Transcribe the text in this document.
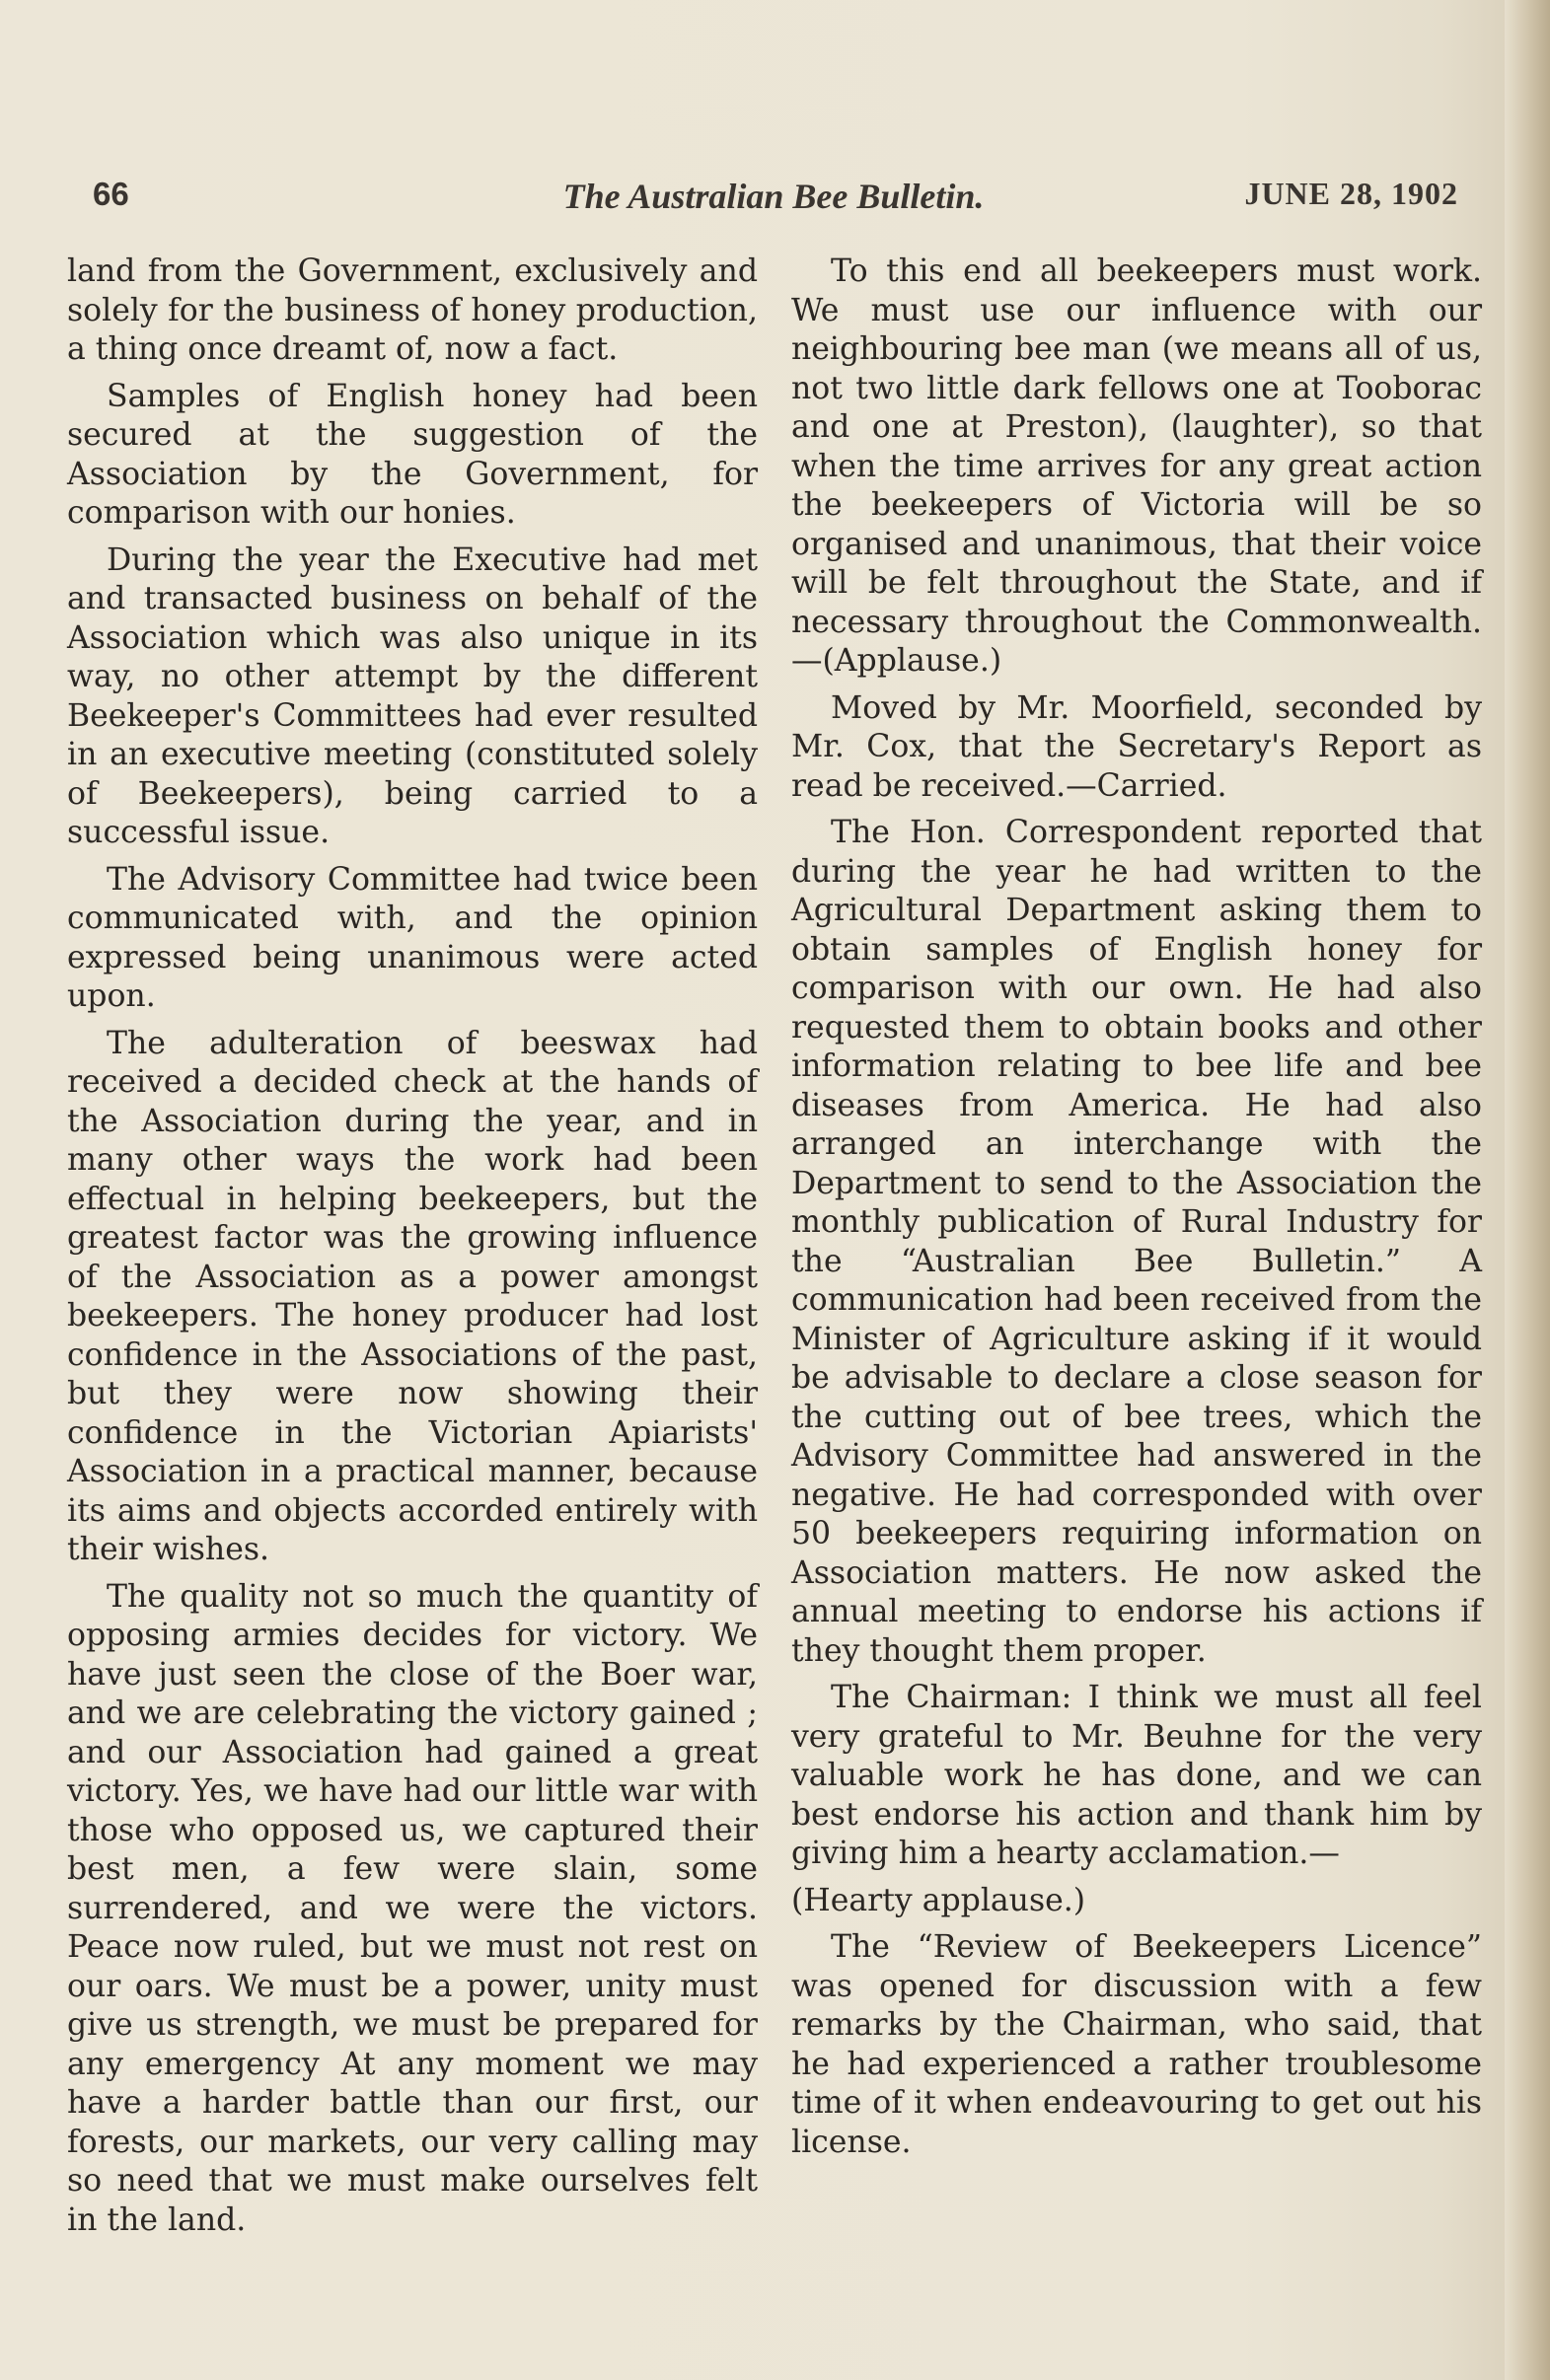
66	The Australian Bee Bulletin.	JUNE 28, 1902

land from the Government, exclusively and solely for the business of honey production, a thing once dreamt of, now a fact.

Samples of English honey had been secured at the suggestion of the Association by the Government, for comparison with our honies.

During the year the Executive had met and transacted business on behalf of the Association which was also unique in its way, no other attempt by the different Beekeeper's Committees had ever resulted in an executive meeting (constituted solely of Beekeepers), being carried to a successful issue.

The Advisory Committee had twice been communicated with, and the opinion expressed being unanimous were acted upon.

The adulteration of beeswax had received a decided check at the hands of the Association during the year, and in many other ways the work had been effectual in helping beekeepers, but the greatest factor was the growing influence of the Association as a power amongst beekeepers. The honey producer had lost confidence in the Associations of the past, but they were now showing their confidence in the Victorian Apiarists' Association in a practical manner, because its aims and objects accorded entirely with their wishes.

The quality not so much the quantity of opposing armies decides for victory. We have just seen the close of the Boer war, and we are celebrating the victory gained ; and our Association had gained a great victory. Yes, we have had our little war with those who opposed us, we captured their best men, a few were slain, some surrendered, and we were the victors. Peace now ruled, but we must not rest on our oars. We must be a power, unity must give us strength, we must be prepared for any emergency At any moment we may have a harder battle than our first, our forests, our markets, our very calling may so need that we must make ourselves felt in the land.

To this end all beekeepers must work. We must use our influence with our neighbouring bee man (we means all of us, not two little dark fellows one at Tooborac and one at Preston), (laughter), so that when the time arrives for any great action the beekeepers of Victoria will be so organised and unanimous, that their voice will be felt throughout the State, and if necessary throughout the Commonwealth.—(Applause.)

Moved by Mr. Moorfield, seconded by Mr. Cox, that the Secretary's Report as read be received.—Carried.

The Hon. Correspondent reported that during the year he had written to the Agricultural Department asking them to obtain samples of English honey for comparison with our own. He had also requested them to obtain books and other information relating to bee life and bee diseases from America. He had also arranged an interchange with the Department to send to the Association the monthly publication of Rural Industry for the “Australian Bee Bulletin.” A communication had been received from the Minister of Agriculture asking if it would be advisable to declare a close season for the cutting out of bee trees, which the Advisory Committee had answered in the negative. He had corresponded with over 50 beekeepers requiring information on Association matters. He now asked the annual meeting to endorse his actions if they thought them proper.

The Chairman: I think we must all feel very grateful to Mr. Beuhne for the very valuable work he has done, and we can best endorse his action and thank him by giving him a hearty acclamation.—

(Hearty applause.)

The “Review of Beekeepers Licence” was opened for discussion with a few remarks by the Chairman, who said, that he had experienced a rather troublesome time of it when endeavouring to get out his license.
